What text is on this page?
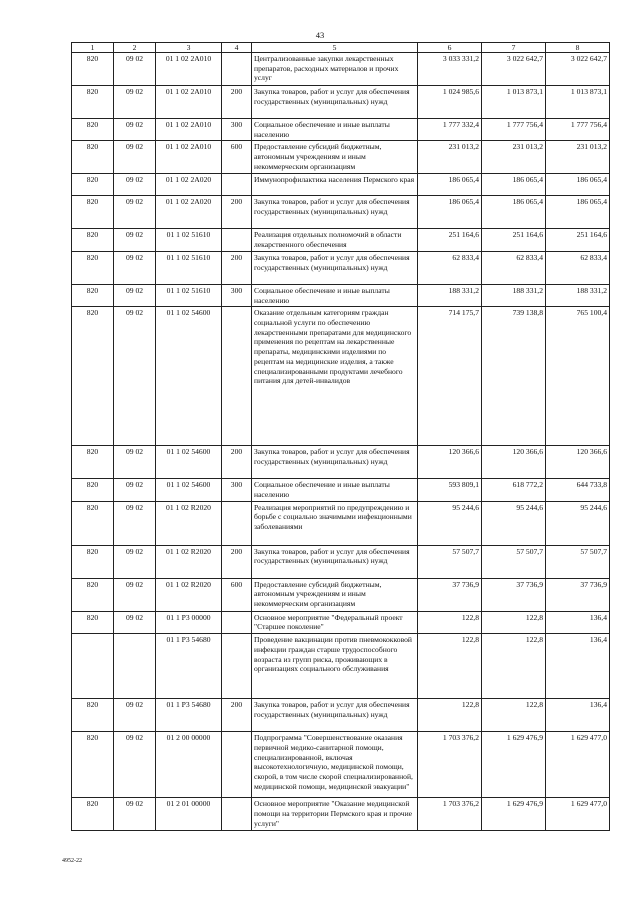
43
1	2	3	4	5	6	7	8
820	09 02	01 1 02 2A010		Централизованные закупки лекарственных препаратов, расходных материалов и прочих услуг	3 033 331,2	3 022 642,7	3 022 642,7
820	09 02	01 1 02 2A010	200	Закупка товаров, работ и услуг для обеспечения государственных (муниципальных) нужд	1 024 985,6	1 013 873,1	1 013 873,1
820	09 02	01 1 02 2A010	300	Социальное обеспечение и иные выплаты населению	1 777 332,4	1 777 756,4	1 777 756,4
820	09 02	01 1 02 2A010	600	Предоставление субсидий бюджетным, автономным учреждениям и иным некоммерческим организациям	231 013,2	231 013,2	231 013,2
820	09 02	01 1 02 2A020		Иммунопрофилактика населения Пермского края	186 065,4	186 065,4	186 065,4
820	09 02	01 1 02 2A020	200	Закупка товаров, работ и услуг для обеспечения государственных (муниципальных) нужд	186 065,4	186 065,4	186 065,4
820	09 02	01 1 02 51610		Реализация отдельных полномочий в области лекарственного обеспечения	251 164,6	251 164,6	251 164,6
820	09 02	01 1 02 51610	200	Закупка товаров, работ и услуг для обеспечения государственных (муниципальных) нужд	62 833,4	62 833,4	62 833,4
820	09 02	01 1 02 51610	300	Социальное обеспечение и иные выплаты населению	188 331,2	188 331,2	188 331,2
820	09 02	01 1 02 54600		Оказание отдельным категориям граждан социальной услуги по обеспечению лекарственными препаратами для медицинского применения по рецептам на лекарственные препараты, медицинскими изделиями по рецептам на медицинские изделия, а также специализированными продуктами лечебного питания для детей-инвалидов	714 175,7	739 138,8	765 100,4
820	09 02	01 1 02 54600	200	Закупка товаров, работ и услуг для обеспечения государственных (муниципальных) нужд	120 366,6	120 366,6	120 366,6
820	09 02	01 1 02 54600	300	Социальное обеспечение и иные выплаты населению	593 809,1	618 772,2	644 733,8
820	09 02	01 1 02 R2020		Реализация мероприятий по предупреждению и борьбе с социально значимыми инфекционными заболеваниями	95 244,6	95 244,6	95 244,6
820	09 02	01 1 02 R2020	200	Закупка товаров, работ и услуг для обеспечения государственных (муниципальных) нужд	57 507,7	57 507,7	57 507,7
820	09 02	01 1 02 R2020	600	Предоставление субсидий бюджетным, автономным учреждениям и иным некоммерческим организациям	37 736,9	37 736,9	37 736,9
820	09 02	01 1 P3 00000		Основное мероприятие "Федеральный проект "Старшее поколение"	122,8	122,8	136,4
		01 1 P3 54680		Проведение вакцинации против пневмококковой инфекции граждан старше трудоспособного возраста из групп риска, проживающих в организациях социального обслуживания	122,8	122,8	136,4
820	09 02	01 1 P3 54680	200	Закупка товаров, работ и услуг для обеспечения государственных (муниципальных) нужд	122,8	122,8	136,4
820	09 02	01 2 00 00000		Подпрограмма "Совершенствование оказания первичной медико-санитарной помощи, специализированной, включая высокотехнологичную, медицинской помощи, скорой, в том числе скорой специализированной, медицинской помощи, медицинской эвакуации"	1 703 376,2	1 629 476,9	1 629 477,0
820	09 02	01 2 01 00000		Основное мероприятие "Оказание медицинской помощи на территории Пермского края и прочие услуги"	1 703 376,2	1 629 476,9	1 629 477,0
4952-22
